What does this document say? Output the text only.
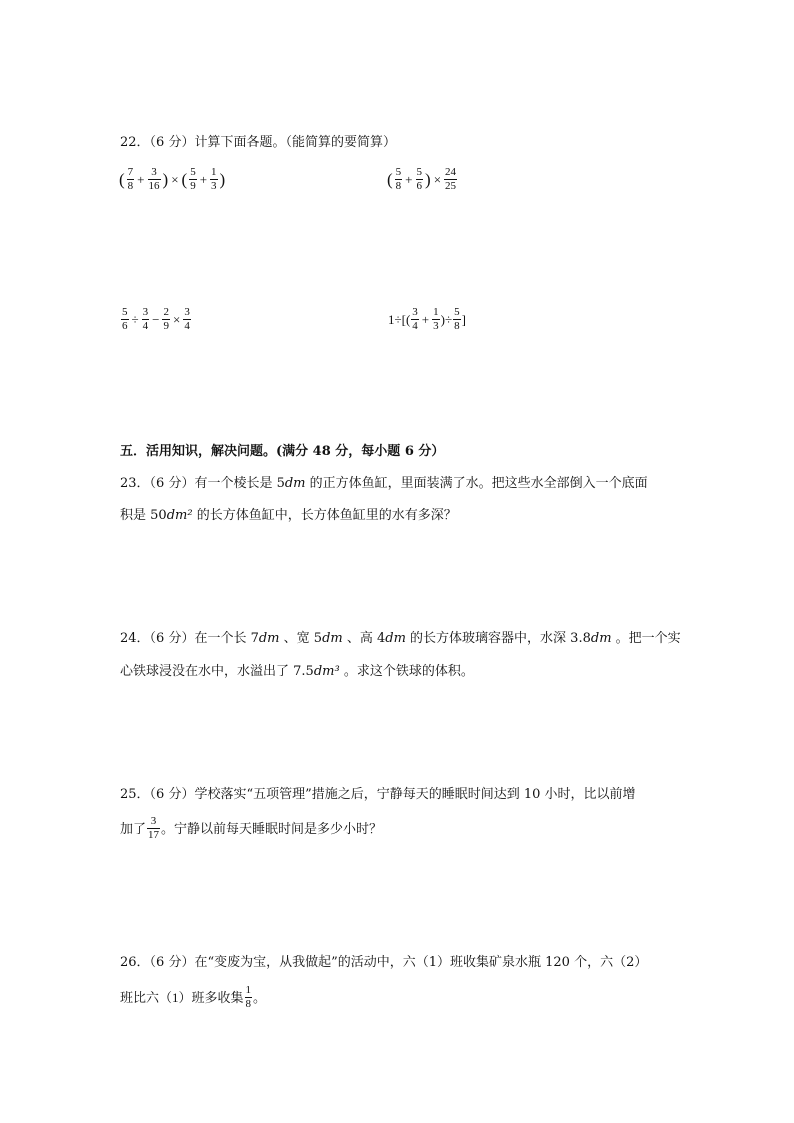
22．（6 分）计算下面各题。（能简算的要简算）
( $\frac{7}{8} + \frac{3}{16}$ ) × ( $\frac{5}{9} + \frac{1}{3}$ )	( $\frac{5}{8} + \frac{5}{6}$ ) × $\frac{24}{25}$
$\frac{5}{6} \div \frac{3}{4} - \frac{2}{9} \times \frac{3}{4}$	$1\div[( \frac{3}{4} + \frac{1}{3}$ )÷ $\frac{5}{8}$ ]
五．活用知识，解决问题。(满分 48 分，每小题 6 分）
23．（6 分）有一个棱长是 5dm 的正方体鱼缸，里面装满了水。把这些水全部倒入一个底面
积是 50dm² 的长方体鱼缸中，长方体鱼缸里的水有多深？
24．（6 分）在一个长 7dm 、宽 5dm 、高 4dm 的长方体玻璃容器中，水深 3.8dm 。把一个实
心铁球浸没在水中，水溢出了 7.5dm³ 。求这个铁球的体积。
25．（6 分）学校落实“五项管理”措施之后，宁静每天的睡眠时间达到 10 小时，比以前增
加了 $\frac{3}{17}$ 。宁静以前每天睡眠时间是多少小时？
26．（6 分）在“变废为宝，从我做起”的活动中，六（1）班收集矿泉水瓶 120 个，六（2）
班比六（1）班多收集 $\frac{1}{8}$ 。
